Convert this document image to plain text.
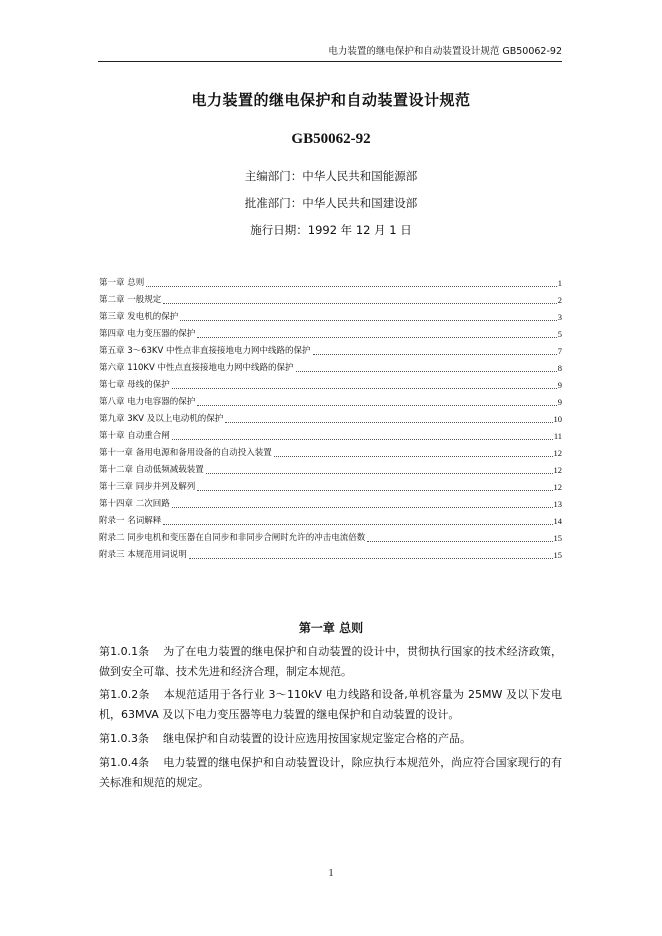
电力装置的继电保护和自动装置设计规范 GB50062-92
电力装置的继电保护和自动装置设计规范
GB50062-92
主编部门：中华人民共和国能源部
批准部门：中华人民共和国建设部
施行日期：1992 年 12 月 1 日
第一章 总则	1
第二章 一般规定	2
第三章 发电机的保护	3
第四章 电力变压器的保护	5
第五章 3～63KV 中性点非直接接地电力网中线路的保护	7
第六章 110KV 中性点直接接地电力网中线路的保护	8
第七章 母线的保护	9
第八章 电力电容器的保护	9
第九章 3KV 及以上电动机的保护	10
第十章 自动重合闸	11
第十一章 备用电源和备用设备的自动投入装置	12
第十二章 自动低频减载装置	12
第十三章 同步并列及解列	12
第十四章 二次回路	13
附录一 名词解释	14
附录二 同步电机和变压器在自同步和非同步合闸时允许的冲击电流倍数	15
附录三 本规范用词说明	15
第一章 总则
第1.0.1条 为了在电力装置的继电保护和自动装置的设计中，贯彻执行国家的技术经济政策，做到安全可靠、技术先进和经济合理，制定本规范。
第1.0.2条 本规范适用于各行业 3～110kV 电力线路和设备,单机容量为 25MW 及以下发电机，63MVA 及以下电力变压器等电力装置的继电保护和自动装置的设计。
第1.0.3条 继电保护和自动装置的设计应选用按国家规定鉴定合格的产品。
第1.0.4条 电力装置的继电保护和自动装置设计，除应执行本规范外，尚应符合国家现行的有关标准和规范的规定。
1
